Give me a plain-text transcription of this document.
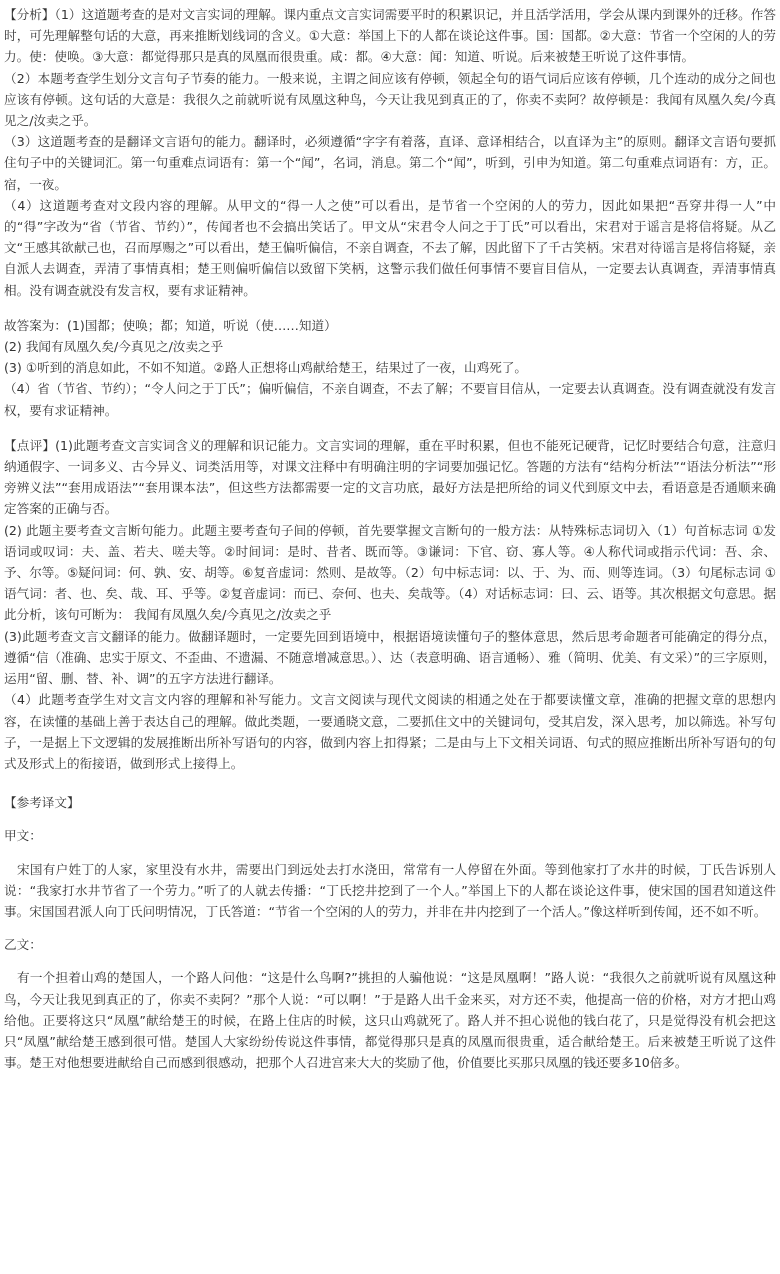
【分析】（1）这道题考查的是对文言实词的理解。课内重点文言实词需要平时的积累识记，并且活学活用，学会从课内到课外的迁移。作答时，可先理解整句话的大意，再来推断划线词的含义。①大意：举国上下的人都在谈论这件事。国：国都。②大意：节省一个空闲的人的劳力。使：使唤。③大意：都觉得那只是真的凤凰而很贵重。咸：都。④大意：闻：知道、听说。后来被楚王听说了这件事情。

（2）本题考查学生划分文言句子节奏的能力。一般来说，主谓之间应该有停顿，领起全句的语气词后应该有停顿，几个连动的成分之间也应该有停顿。这句话的大意是：我很久之前就听说有凤凰这种鸟，今天让我见到真正的了，你卖不卖阿？故停顿是：我闻有凤凰久矣/今真见之/汝卖之乎。

（3）这道题考查的是翻译文言语句的能力。翻译时，必须遵循“字字有着落，直译、意译相结合，以直译为主”的原则。翻译文言语句要抓住句子中的关键词汇。第一句重难点词语有：第一个“闻”，名词，消息。第二个“闻”，听到，引申为知道。第二句重难点词语有：方，正。宿，一夜。

（4）这道题考查对文段内容的理解。从甲文的“得一人之使”可以看出，是节省一个空闲的人的劳力，因此如果把“吾穿井得一人”中的“得”字改为“省（节省、节约）”，传闻者也不会搞出笑话了。甲文从“宋君令人问之于丁氏”可以看出，宋君对于谣言是将信将疑。从乙文“王感其欲献己也，召而厚赐之”可以看出，楚王偏听偏信，不亲自调查，不去了解，因此留下了千古笑柄。宋君对待谣言是将信将疑，亲自派人去调查，弄清了事情真相；楚王则偏听偏信以致留下笑柄，这警示我们做任何事情不要盲目信从，一定要去认真调查，弄清事情真相。没有调查就没有发言权，要有求证精神。

故答案为：(1)国都；使唤；都；知道，听说（使……知道）

(2) 我闻有凤凰久矣/今真见之/汝卖之乎

(3) ①听到的消息如此，不如不知道。②路人正想将山鸡献给楚王，结果过了一夜，山鸡死了。

（4）省（节省、节约）；“令人问之于丁氏”；偏听偏信，不亲自调查，不去了解；不要盲目信从，一定要去认真调查。没有调查就没有发言权，要有求证精神。

【点评】(1)此题考查文言实词含义的理解和识记能力。文言实词的理解，重在平时积累，但也不能死记硬背，记忆时要结合句意，注意归纳通假字、一词多义、古今异义、词类活用等，对课文注释中有明确注明的字词要加强记忆。答题的方法有“结构分析法”“语法分析法”“形旁辨义法”“套用成语法”“套用课本法”，但这些方法都需要一定的文言功底，最好方法是把所给的词义代到原文中去，看语意是否通顺来确定答案的正确与否。

(2) 此题主要考查文言断句能力。此题主要考查句子间的停顿，首先要掌握文言断句的一般方法：从特殊标志词切入（1）句首标志词 ①发语词或叹词：夫、盖、若夫、嗟夫等。②时间词：是时、昔者、既而等。③谦词：下官、窃、寡人等。④人称代词或指示代词：吾、余、予、尔等。⑤疑问词：何、孰、安、胡等。⑥复音虚词：然则、是故等。（2）句中标志词：以、于、为、而、则等连词。（3）句尾标志词 ①语气词：者、也、矣、哉、耳、乎等。②复音虚词：而已、奈何、也夫、矣哉等。（4）对话标志词：曰、云、语等。其次根据文句意思。据此分析，该句可断为： 我闻有凤凰久矣/今真见之/汝卖之乎

(3)此题考查文言文翻译的能力。做翻译题时，一定要先回到语境中，根据语境读懂句子的整体意思，然后思考命题者可能确定的得分点，遵循“信（准确、忠实于原文、不歪曲、不遗漏、不随意增减意思。）、达（表意明确、语言通畅）、雅（简明、优美、有文采）”的三字原则，运用“留、删、替、补、调”的五字方法进行翻译。

（4）此题考查学生对文言文内容的理解和补写能力。文言文阅读与现代文阅读的相通之处在于都要读懂文章，准确的把握文章的思想内容，在读懂的基础上善于表达自己的理解。做此类题，一要通晓文意，二要抓住文中的关键词句，受其启发，深入思考，加以筛选。补写句子，一是据上下文逻辑的发展推断出所补写语句的内容，做到内容上扣得紧；二是由与上下文相关词语、句式的照应推断出所补写语句的句式及形式上的衔接语，做到形式上接得上。

【参考译文】

甲文：

宋国有户姓丁的人家，家里没有水井，需要出门到远处去打水浇田，常常有一人停留在外面。等到他家打了水井的时候，丁氏告诉别人说：“我家打水井节省了一个劳力。”听了的人就去传播：“丁氏挖井挖到了一个人。”举国上下的人都在谈论这件事，使宋国的国君知道这件事。宋国国君派人向丁氏问明情况，丁氏答道：“节省一个空闲的人的劳力，并非在井内挖到了一个活人。”像这样听到传闻，还不如不听。

乙文：

有一个担着山鸡的楚国人，一个路人问他：“这是什么鸟啊?”挑担的人骗他说：“这是凤凰啊！”路人说：“我很久之前就听说有凤凰这种鸟，今天让我见到真正的了，你卖不卖阿？”那个人说：“可以啊！”于是路人出千金来买，对方还不卖，他提高一倍的价格，对方才把山鸡给他。正要将这只“凤凰”献给楚王的时候，在路上住店的时候，这只山鸡就死了。路人并不担心说他的钱白花了，只是觉得没有机会把这只“凤凰”献给楚王感到很可惜。楚国人大家纷纷传说这件事情，都觉得那只是真的凤凰而很贵重，适合献给楚王。后来被楚王听说了这件事。楚王对他想要进献给自己而感到很感动，把那个人召进宫来大大的奖励了他，价值要比买那只凤凰的钱还要多10倍多。
